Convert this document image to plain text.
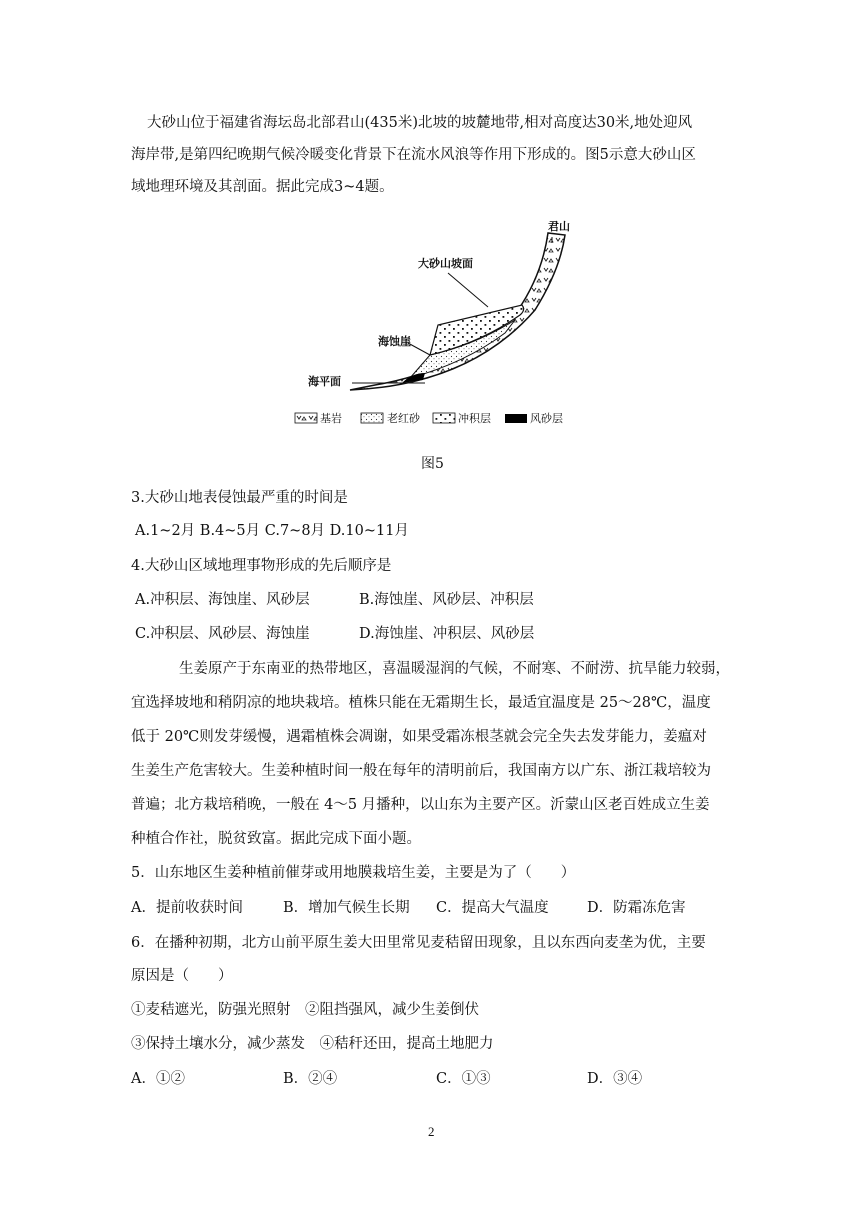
大砂山位于福建省海坛岛北部君山(435米)北坡的坡麓地带,相对高度达30米,地处迎风
海岸带,是第四纪晚期气候冷暖变化背景下在流水风浪等作用下形成的。图5示意大砂山区
域地理环境及其剖面。据此完成3~4题。
君山
大砂山坡面
海蚀崖
海平面
基岩	老红砂	冲积层	风砂层
图5
3.大砂山地表侵蚀最严重的时间是
A.1~2月 B.4~5月 C.7~8月 D.10~11月
4.大砂山区域地理事物形成的先后顺序是
A.冲积层、海蚀崖、风砂层	B.海蚀崖、风砂层、冲积层
C.冲积层、风砂层、海蚀崖	D.海蚀崖、冲积层、风砂层
生姜原产于东南亚的热带地区，喜温暖湿润的气候，不耐寒、不耐涝、抗旱能力较弱，
宜选择坡地和稍阴凉的地块栽培。植株只能在无霜期生长，最适宜温度是 25～28℃，温度
低于 20℃则发芽缓慢，遇霜植株会凋谢，如果受霜冻根茎就会完全失去发芽能力，姜瘟对
生姜生产危害较大。生姜种植时间一般在每年的清明前后，我国南方以广东、浙江栽培较为
普遍；北方栽培稍晚，一般在 4～5 月播种，以山东为主要产区。沂蒙山区老百姓成立生姜
种植合作社，脱贫致富。据此完成下面小题。
5．山东地区生姜种植前催芽或用地膜栽培生姜，主要是为了（　　）
A．提前收获时间	B．增加气候生长期 C．提高大气温度	D．防霜冻危害
6．在播种初期，北方山前平原生姜大田里常见麦秸留田现象，且以东西向麦垄为优，主要
原因是（　　）
①麦秸遮光，防强光照射　②阻挡强风，减少生姜倒伏
③保持土壤水分，减少蒸发　④秸秆还田，提高土地肥力
A．①②	B．②④	C．①③	D．③④
2
